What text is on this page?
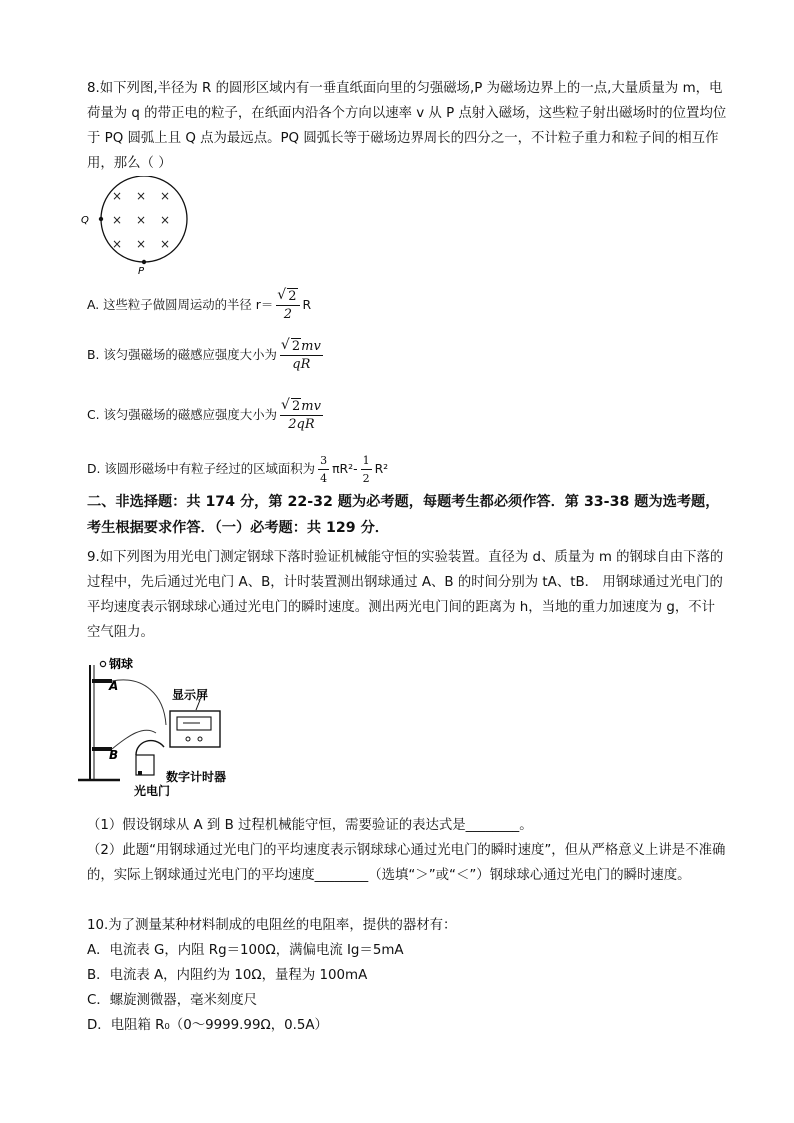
8.如下列图,半径为 R 的圆形区域内有一垂直纸面向里的匀强磁场,P 为磁场边界上的一点,大量质量为 m，电荷量为 q 的带正电的粒子，在纸面内沿各个方向以速率 v 从 P 点射入磁场，这些粒子射出磁场时的位置均位于 PQ 圆弧上且 Q 点为最远点。PQ 圆弧长等于磁场边界周长的四分之一，不计粒子重力和粒子间的相互作用，那么（ ）

× × ×
× × ×
× × ×
Q
P
A. 这些粒子做圆周运动的半径 r＝ √ $\frac{2}{2}$ R
B. 该匀强磁场的磁感应强度大小为 √ $\frac{2mv}{qR}$
C. 该匀强磁场的磁感应强度大小为 √ $\frac{2mv}{2qR}$
D. 该圆形磁场中有粒子经过的区域面积为 $\frac{3}{4} \pi R^2- \frac{1}{2} R^2$

二、非选择题：共 174 分，第 22-32 题为必考题，每题考生都必须作答．第 33-38 题为选考题，考生根据要求作答．（一）必考题：共 129 分．

9.如下列图为用光电门测定钢球下落时验证机械能守恒的实验装置。直径为 d、质量为 m 的钢球自由下落的过程中，先后通过光电门 A、B，计时装置测出钢球通过 A、B 的时间分别为 tA、tB． 用钢球通过光电门的平均速度表示钢球球心通过光电门的瞬时速度。测出两光电门间的距离为 h，当地的重力加速度为 g，不计空气阻力。

钢球
A
B
显示屏
数字计时器
光电门

（1）假设钢球从 A 到 B 过程机械能守恒，需要验证的表达式是________。

（2）此题“用钢球通过光电门的平均速度表示钢球球心通过光电门的瞬时速度”，但从严格意义上讲是不准确的，实际上钢球通过光电门的平均速度________（选填“＞”或“＜”）钢球球心通过光电门的瞬时速度。

10.为了测量某种材料制成的电阻丝的电阻率，提供的器材有：

A．电流表 G，内阻 Rg＝100Ω，满偏电流 Ig＝5mA

B．电流表 A，内阻约为 10Ω，量程为 100mA

C．螺旋测微器，毫米刻度尺

D．电阻箱 R₀（0～9999.99Ω，0.5A）
